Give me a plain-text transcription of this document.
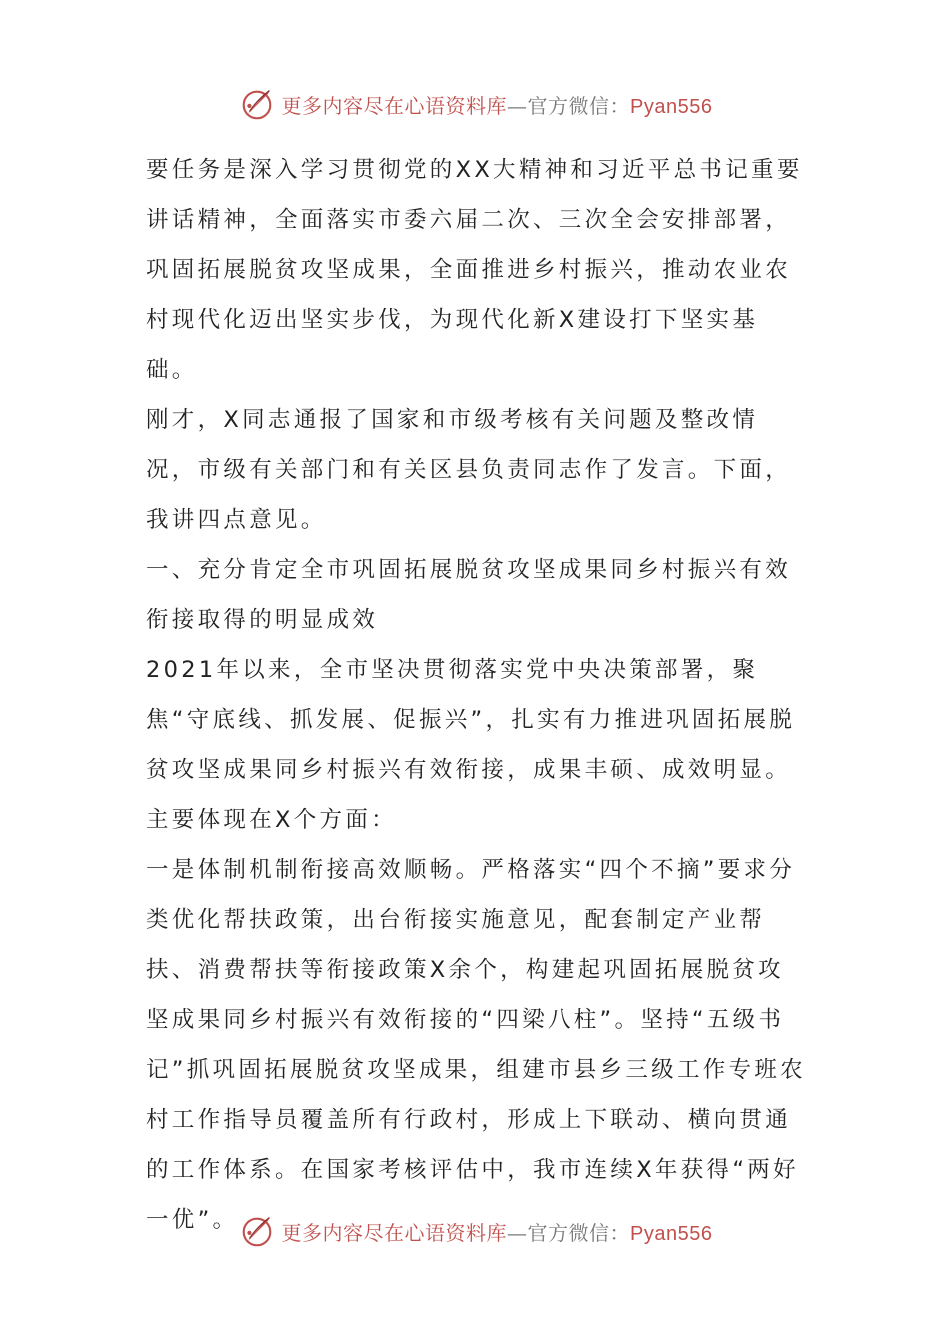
更多内容尽在心语资料库—官方微信：Pyan556

要任务是深入学习贯彻党的XX大精神和习近平总书记重要讲话精神，全面落实市委六届二次、三次全会安排部署，巩固拓展脱贫攻坚成果，全面推进乡村振兴，推动农业农村现代化迈出坚实步伐，为现代化新X建设打下坚实基础。

刚才，X同志通报了国家和市级考核有关问题及整改情况，市级有关部门和有关区县负责同志作了发言。下面，我讲四点意见。

一、充分肯定全市巩固拓展脱贫攻坚成果同乡村振兴有效衔接取得的明显成效

2021年以来，全市坚决贯彻落实党中央决策部署，聚焦“守底线、抓发展、促振兴”，扎实有力推进巩固拓展脱贫攻坚成果同乡村振兴有效衔接，成果丰硕、成效明显。主要体现在X个方面：

一是体制机制衔接高效顺畅。严格落实“四个不摘”要求分类优化帮扶政策，出台衔接实施意见，配套制定产业帮扶、消费帮扶等衔接政策X余个，构建起巩固拓展脱贫攻坚成果同乡村振兴有效衔接的“四梁八柱”。坚持“五级书记”抓巩固拓展脱贫攻坚成果，组建市县乡三级工作专班农村工作指导员覆盖所有行政村，形成上下联动、横向贯通的工作体系。在国家考核评估中，我市连续X年获得“两好一优”。	更多内容尽在心语资料库—官方微信：Pyan556
